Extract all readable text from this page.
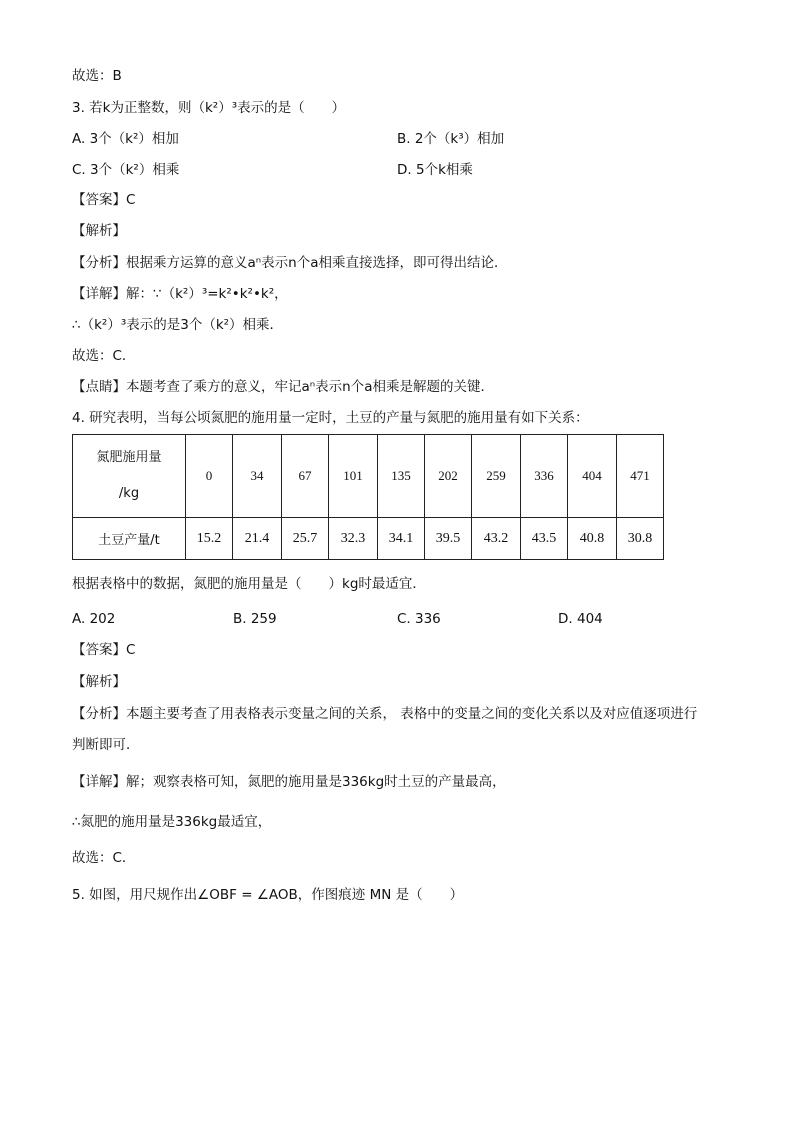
故选：B
3. 若k为正整数，则（k²）³表示的是（　　）
A. 3个（k²）相加	B. 2个（k³）相加
C. 3个（k²）相乘	D. 5个k相乘
【答案】C
【解析】
【分析】根据乘方运算的意义aⁿ表示n个a相乘直接选择，即可得出结论．
【详解】解：∵（k²）³=k²•k²•k²，
∴（k²）³表示的是3个（k²）相乘．
故选：C．
【点睛】本题考查了乘方的意义，牢记aⁿ表示n个a相乘是解题的关键．
4. 研究表明，当每公顷氮肥的施用量一定时，土豆的产量与氮肥的施用量有如下关系：
氮肥施用量
/kg	0	34	67	101	135	202	259	336	404	471
土豆产量/t	15.2	21.4	25.7	32.3	34.1	39.5	43.2	43.5	40.8	30.8
根据表格中的数据，氮肥的施用量是（　　）kg时最适宜．
A. 202	B. 259	C. 336	D. 404
【答案】C
【解析】
【分析】本题主要考查了用表格表示变量之间的关系， 表格中的变量之间的变化关系以及对应值逐项进行
判断即可．
【详解】解；观察表格可知，氮肥的施用量是336kg时土豆的产量最高，
∴氮肥的施用量是336kg最适宜，
故选：C．
5. 如图，用尺规作出∠OBF = ∠AOB，作图痕迹 MN 是（　　）
